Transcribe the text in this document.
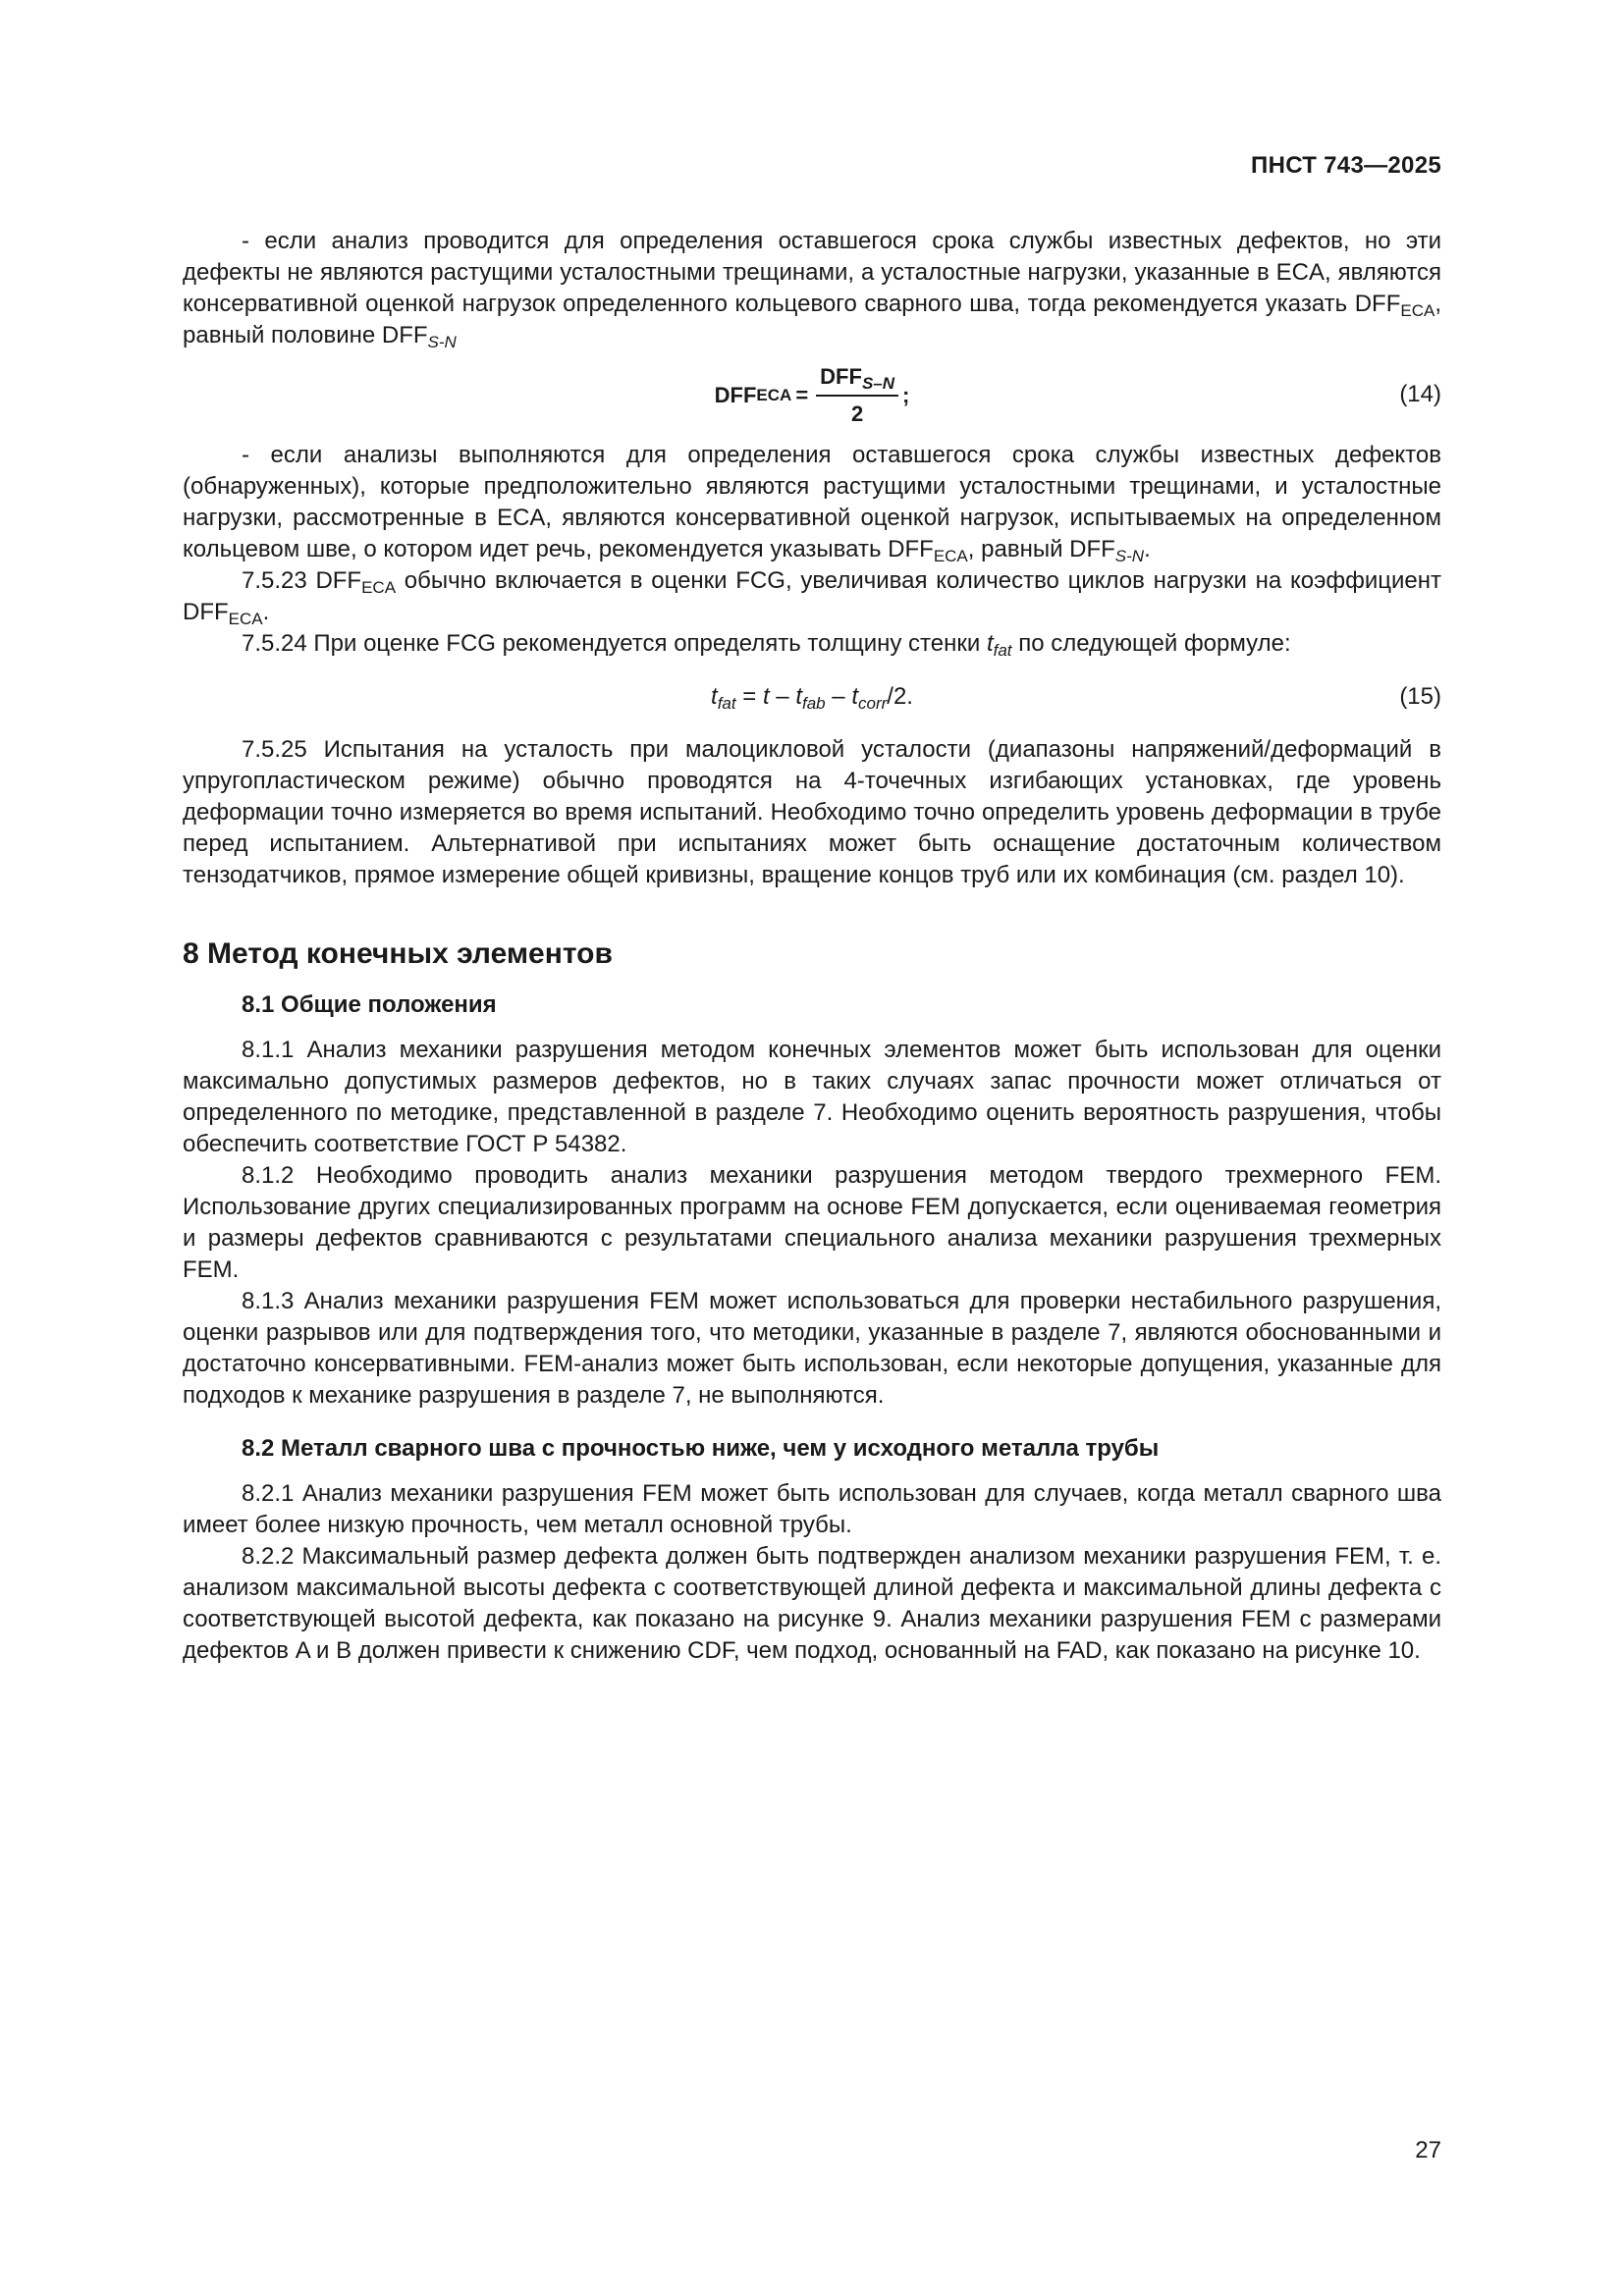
ПНСТ 743—2025

- если анализ проводится для определения оставшегося срока службы известных дефектов, но эти дефекты не являются растущими усталостными трещинами, а усталостные нагрузки, указанные в ECA, являются консервативной оценкой нагрузок определенного кольцевого сварного шва, тогда рекомендуется указать $DFF_{ECA}$, равный половине $DFF_{S-N}$

DFF ECA = $\frac{DFF_{S-N}}{2}$ ;	(14)

- если анализы выполняются для определения оставшегося срока службы известных дефектов (обнаруженных), которые предположительно являются растущими усталостными трещинами, и усталостные нагрузки, рассмотренные в ECA, являются консервативной оценкой нагрузок, испытываемых на определенном кольцевом шве, о котором идет речь, рекомендуется указывать $DFF_{ECA}$, равный $DFF_{S-N}$.

7.5.23 $DFF_{ECA}$ обычно включается в оценки FCG, увеличивая количество циклов нагрузки на коэффициент $DFF_{ECA}$.

7.5.24 При оценке FCG рекомендуется определять толщину стенки $t_{fat}$ по следующей формуле:

$t_{fat} = t - t_{fab} - t_{corr}/2$.	(15)

7.5.25 Испытания на усталость при малоцикловой усталости (диапазоны напряжений/деформаций в упругопластическом режиме) обычно проводятся на 4-точечных изгибающих установках, где уровень деформации точно измеряется во время испытаний. Необходимо точно определить уровень деформации в трубе перед испытанием. Альтернативой при испытаниях может быть оснащение достаточным количеством тензодатчиков, прямое измерение общей кривизны, вращение концов труб или их комбинация (см. раздел 10).

8 Метод конечных элементов
8.1 Общие положения

8.1.1 Анализ механики разрушения методом конечных элементов может быть использован для оценки максимально допустимых размеров дефектов, но в таких случаях запас прочности может отличаться от определенного по методике, представленной в разделе 7. Необходимо оценить вероятность разрушения, чтобы обеспечить соответствие ГОСТ Р 54382.

8.1.2 Необходимо проводить анализ механики разрушения методом твердого трехмерного FEM. Использование других специализированных программ на основе FEM допускается, если оцениваемая геометрия и размеры дефектов сравниваются с результатами специального анализа механики разрушения трехмерных FEM.

8.1.3 Анализ механики разрушения FEM может использоваться для проверки нестабильного разрушения, оценки разрывов или для подтверждения того, что методики, указанные в разделе 7, являются обоснованными и достаточно консервативными. FEM-анализ может быть использован, если некоторые допущения, указанные для подходов к механике разрушения в разделе 7, не выполняются.

8.2 Металл сварного шва с прочностью ниже, чем у исходного металла трубы

8.2.1 Анализ механики разрушения FEM может быть использован для случаев, когда металл сварного шва имеет более низкую прочность, чем металл основной трубы.

8.2.2 Максимальный размер дефекта должен быть подтвержден анализом механики разрушения FEM, т. е. анализом максимальной высоты дефекта с соответствующей длиной дефекта и максимальной длины дефекта с соответствующей высотой дефекта, как показано на рисунке 9. Анализ механики разрушения FEM с размерами дефектов A и B должен привести к снижению CDF, чем подход, основанный на FAD, как показано на рисунке 10.

27
